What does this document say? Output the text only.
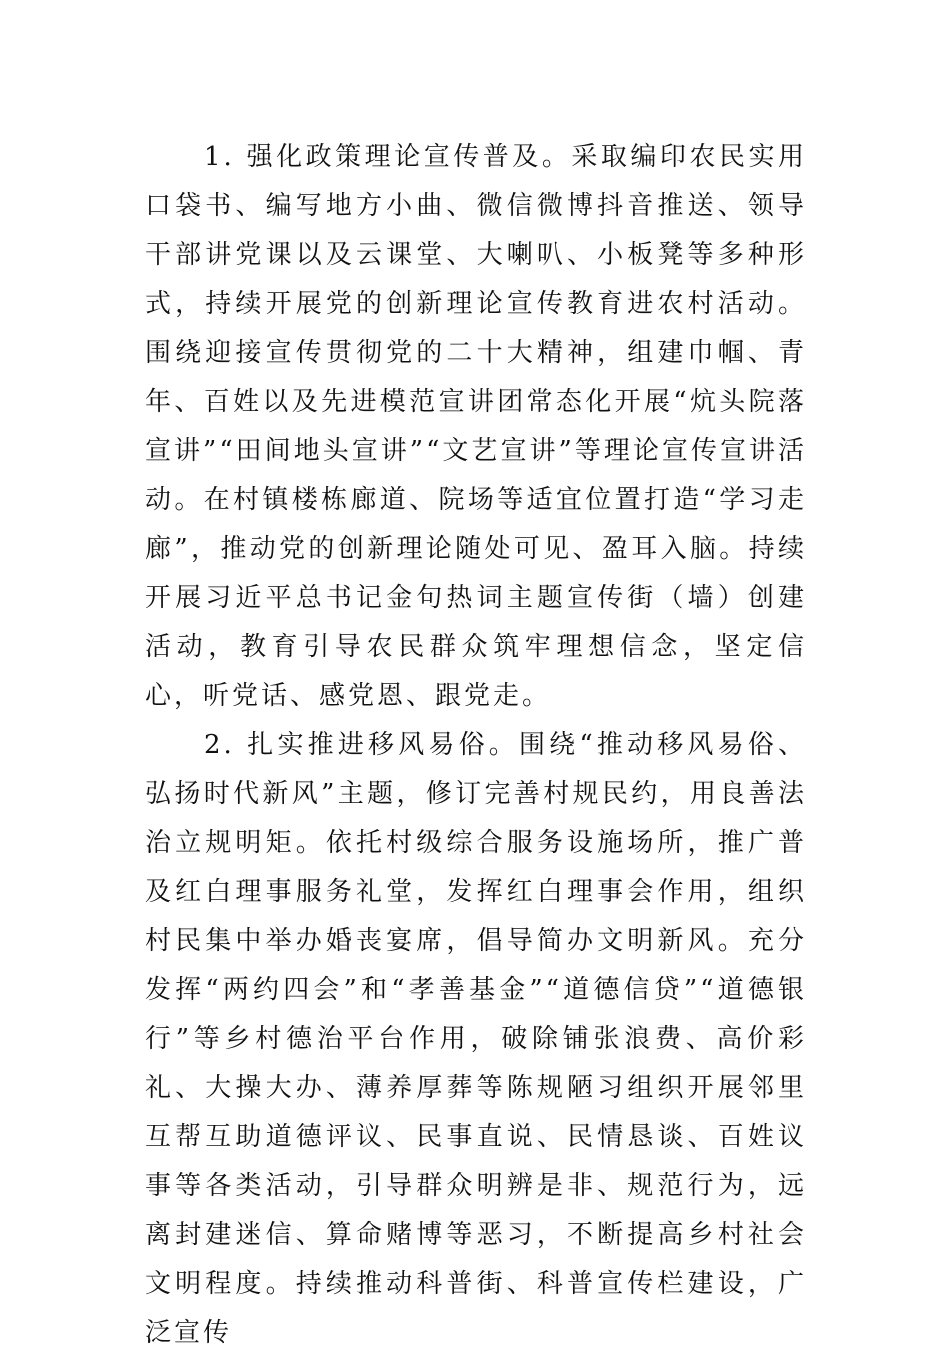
1. 强化政策理论宣传普及。采取编印农民实用口袋书、编写地方小曲、微信微博抖音推送、领导干部讲党课以及云课堂、大喇叭、小板凳等多种形式，持续开展党的创新理论宣传教育进农村活动。围绕迎接宣传贯彻党的二十大精神，组建巾帼、青年、百姓以及先进模范宣讲团常态化开展“炕头院落宣讲”“田间地头宣讲”“文艺宣讲”等理论宣传宣讲活动。在村镇楼栋廊道、院场等适宜位置打造“学习走廊”，推动党的创新理论随处可见、盈耳入脑。持续开展习近平总书记金句热词主题宣传街（墙）创建活动，教育引导农民群众筑牢理想信念，坚定信心，听党话、感党恩、跟党走。

2. 扎实推进移风易俗。围绕“推动移风易俗、弘扬时代新风”主题，修订完善村规民约，用良善法治立规明矩。依托村级综合服务设施场所，推广普及红白理事服务礼堂，发挥红白理事会作用，组织村民集中举办婚丧宴席，倡导简办文明新风。充分发挥“两约四会”和“孝善基金”“道德信贷”“道德银行”等乡村德治平台作用，破除铺张浪费、高价彩礼、大操大办、薄养厚葬等陈规陋习组织开展邻里互帮互助道德评议、民事直说、民情恳谈、百姓议事等各类活动，引导群众明辨是非、规范行为，远离封建迷信、算命赌博等恶习，不断提高乡村社会文明程度。持续推动科普街、科普宣传栏建设，广泛宣传
